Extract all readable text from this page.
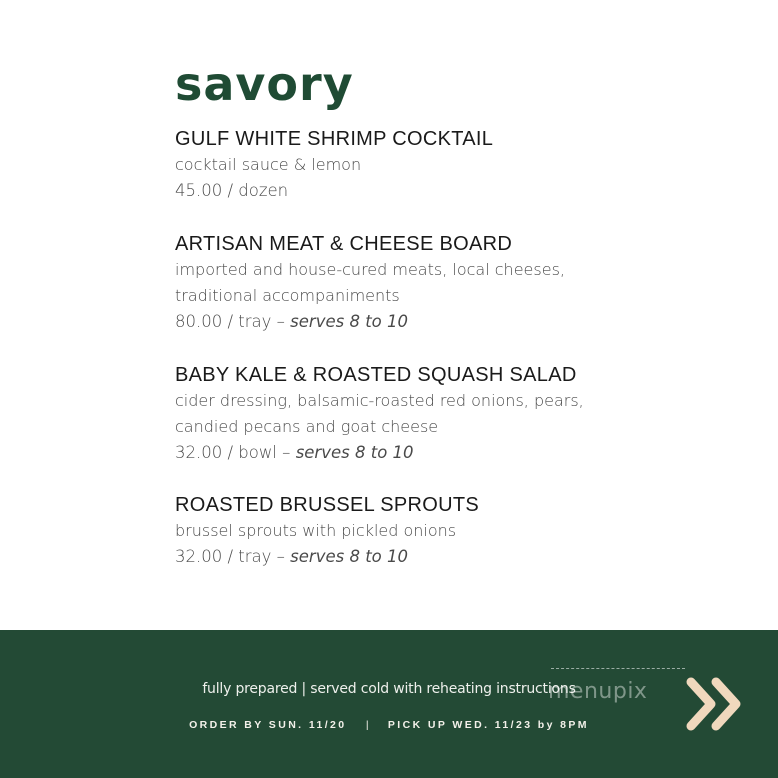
savory
GULF WHITE SHRIMP COCKTAIL
cocktail sauce & lemon
45.00 / dozen
ARTISAN MEAT & CHEESE BOARD
imported and house-cured meats, local cheeses,
traditional accompaniments
80.00 / tray – serves 8 to 10
BABY KALE & ROASTED SQUASH SALAD
cider dressing, balsamic-roasted red onions, pears,
candied pecans and goat cheese
32.00 / bowl – serves 8 to 10
ROASTED BRUSSEL SPROUTS
brussel sprouts with pickled onions
32.00 / tray – serves 8 to 10
fully prepared | served cold with reheating instructions
ORDER BY SUN. 11/20 | PICK UP WED. 11/23 by 8PM
menupix
